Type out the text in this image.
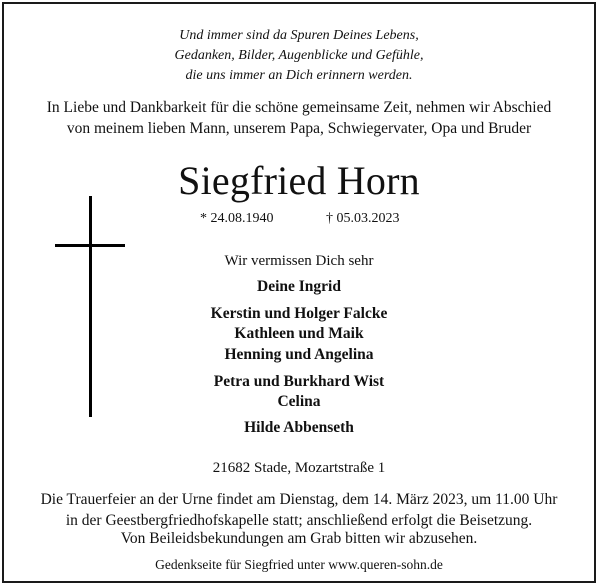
Und immer sind da Spuren Deines Lebens,
Gedanken, Bilder, Augenblicke und Gefühle,
die uns immer an Dich erinnern werden.
In Liebe und Dankbarkeit für die schöne gemeinsame Zeit, nehmen wir Abschied
von meinem lieben Mann, unserem Papa, Schwiegervater, Opa und Bruder
Siegfried Horn
* 24.08.1940	† 05.03.2023
Wir vermissen Dich sehr
Deine Ingrid
Kerstin und Holger Falcke
Kathleen und Maik
Henning und Angelina
Petra und Burkhard Wist
Celina
Hilde Abbenseth
21682 Stade, Mozartstraße 1
Die Trauerfeier an der Urne findet am Dienstag, dem 14. März 2023, um 11.00 Uhr
in der Geestbergfriedhofskapelle statt; anschließend erfolgt die Beisetzung.
Von Beileidsbekundungen am Grab bitten wir abzusehen.
Gedenkseite für Siegfried unter www.queren-sohn.de
